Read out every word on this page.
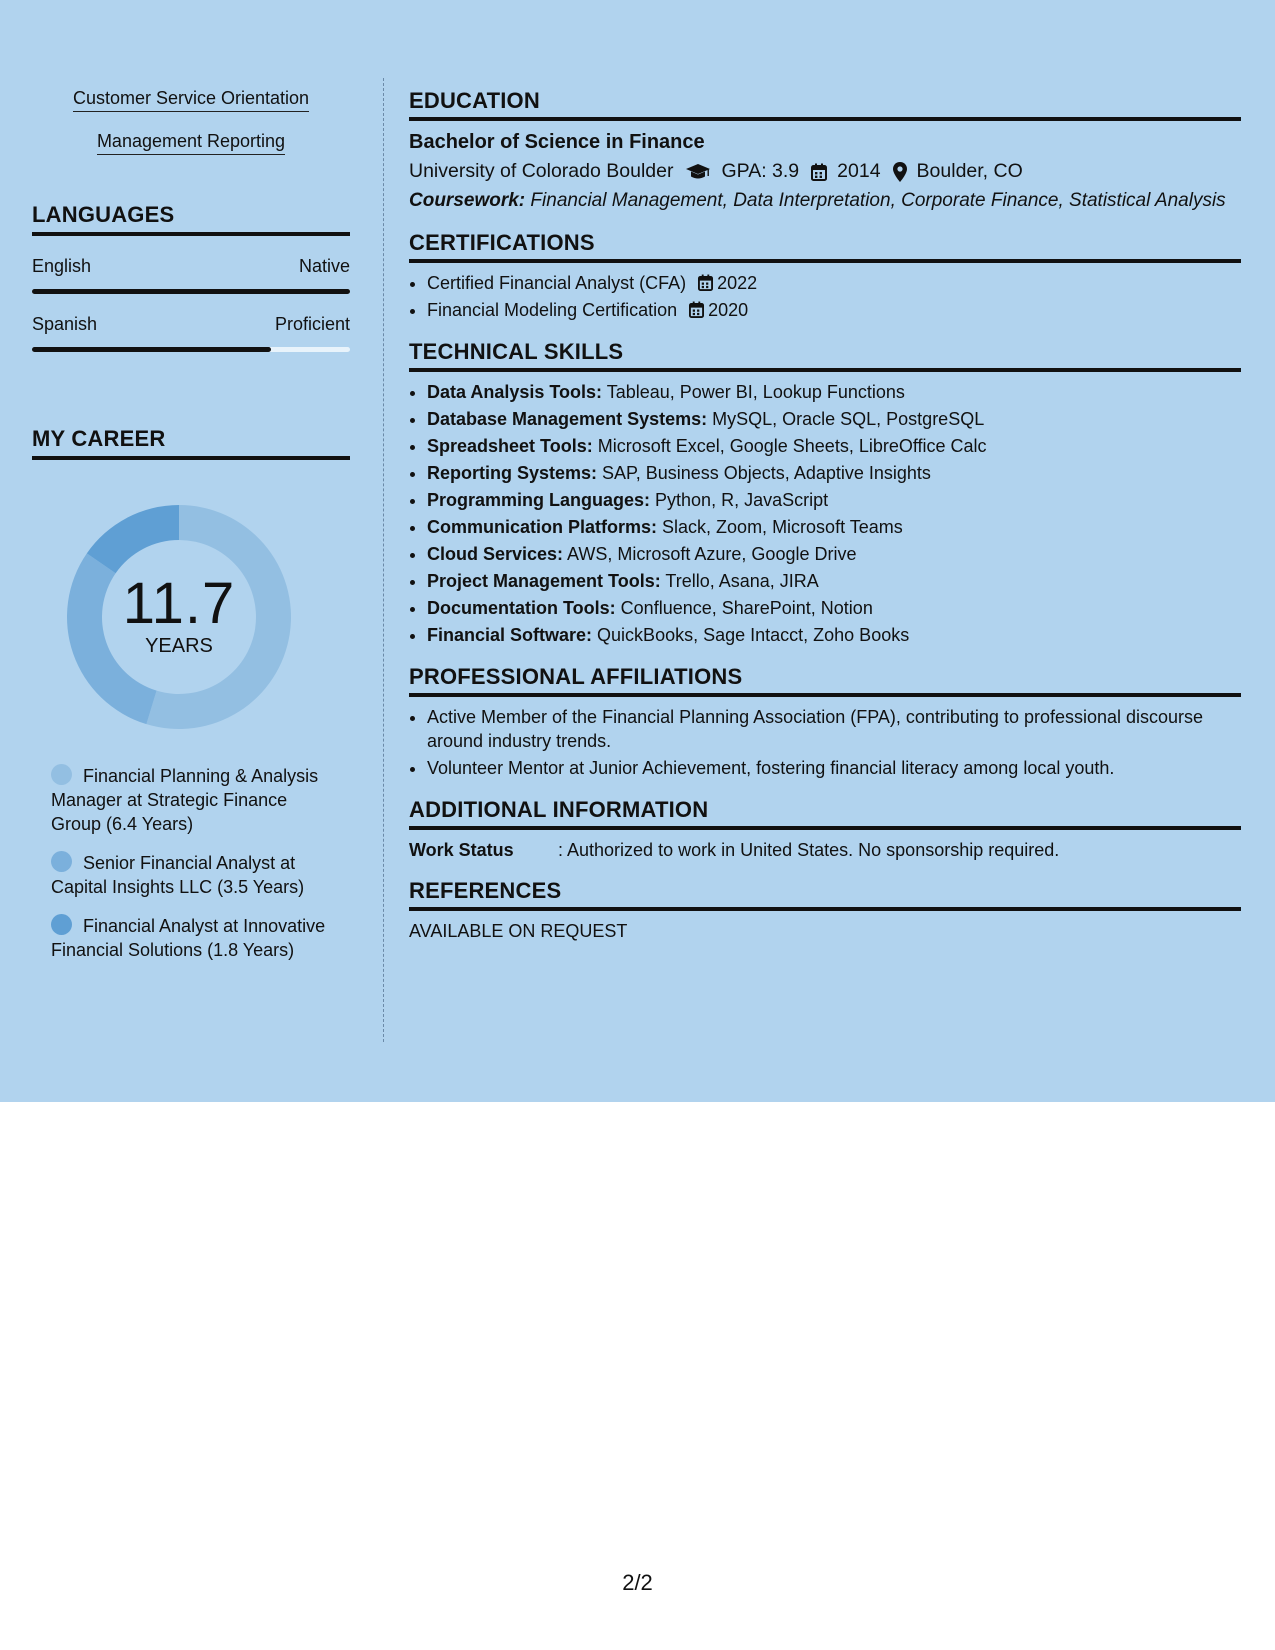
Customer Service Orientation
Management Reporting
LANGUAGES
English	Native
Spanish	Proficient
MY CAREER
11.7
YEARS
Financial Planning & Analysis Manager at Strategic Finance Group (6.4 Years)
Senior Financial Analyst at Capital Insights LLC (3.5 Years)
Financial Analyst at Innovative Financial Solutions (1.8 Years)
EDUCATION
Bachelor of Science in Finance
University of Colorado Boulder GPA: 3.9 2014 Boulder, CO
Coursework: Financial Management, Data Interpretation, Corporate Finance, Statistical Analysis
CERTIFICATIONS
• Certified Financial Analyst (CFA) 2022
• Financial Modeling Certification 2020
TECHNICAL SKILLS
• Data Analysis Tools: Tableau, Power BI, Lookup Functions
• Database Management Systems: MySQL, Oracle SQL, PostgreSQL
• Spreadsheet Tools: Microsoft Excel, Google Sheets, LibreOffice Calc
• Reporting Systems: SAP, Business Objects, Adaptive Insights
• Programming Languages: Python, R, JavaScript
• Communication Platforms: Slack, Zoom, Microsoft Teams
• Cloud Services: AWS, Microsoft Azure, Google Drive
• Project Management Tools: Trello, Asana, JIRA
• Documentation Tools: Confluence, SharePoint, Notion
• Financial Software: QuickBooks, Sage Intacct, Zoho Books
PROFESSIONAL AFFILIATIONS
• Active Member of the Financial Planning Association (FPA), contributing to professional discourse around industry trends.
• Volunteer Mentor at Junior Achievement, fostering financial literacy among local youth.
ADDITIONAL INFORMATION
Work Status	: Authorized to work in United States. No sponsorship required.
REFERENCES
AVAILABLE ON REQUEST
2/2
